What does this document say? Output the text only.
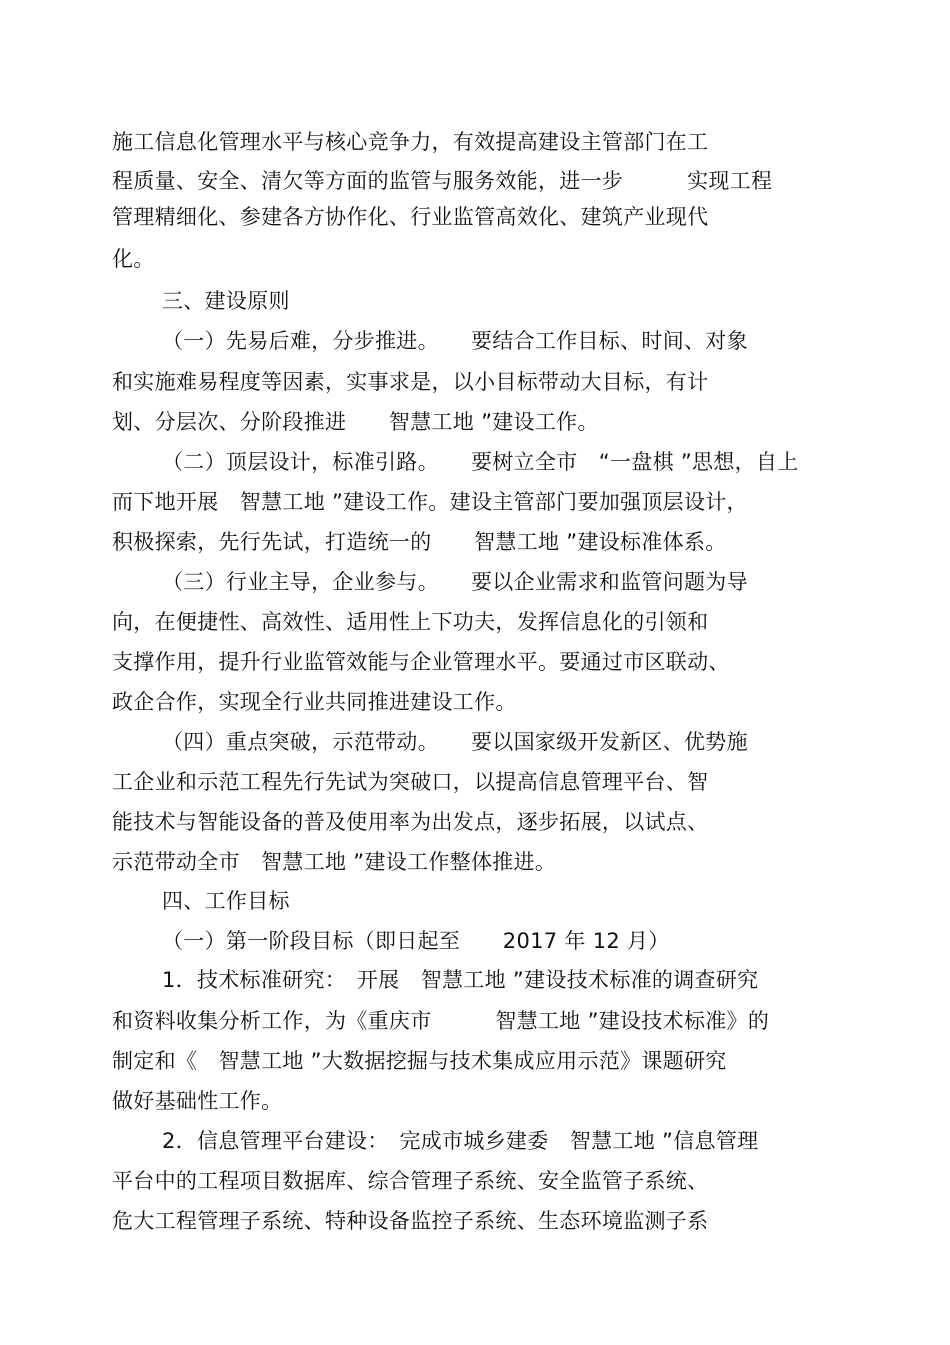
施工信息化管理水平与核心竞争力，有效提高建设主管部门在工
程质量、安全、清欠等方面的监管与服务效能，进一步　　　实现工程
管理精细化、参建各方协作化、行业监管高效化、建筑产业现代
化。
三、建设原则
（一）先易后难，分步推进。　　要结合工作目标、时间、对象
和实施难易程度等因素，实事求是，以小目标带动大目标，有计
划、分层次、分阶段推进　　智慧工地 ”建设工作。
（二）顶层设计，标准引路。　　要树立全市　“一盘棋 ”思想，自上
而下地开展　智慧工地 ”建设工作。建设主管部门要加强顶层设计，
积极探索，先行先试，打造统一的　　智慧工地 ”建设标准体系。
（三）行业主导，企业参与。　　要以企业需求和监管问题为导
向，在便捷性、高效性、适用性上下功夫，发挥信息化的引领和
支撑作用，提升行业监管效能与企业管理水平。要通过市区联动、
政企合作，实现全行业共同推进建设工作。
（四）重点突破，示范带动。　　要以国家级开发新区、优势施
工企业和示范工程先行先试为突破口，以提高信息管理平台、智
能技术与智能设备的普及使用率为出发点，逐步拓展，以试点、
示范带动全市　智慧工地 ”建设工作整体推进。
四、工作目标
（一）第一阶段目标（即日起至　　2017 年 12 月）
1．技术标准研究：　开展　智慧工地 ”建设技术标准的调查研究
和资料收集分析工作，为《重庆市　　　智慧工地 ”建设技术标准》的
制定和《　智慧工地 ”大数据挖掘与技术集成应用示范》课题研究
做好基础性工作。
2．信息管理平台建设：　完成市城乡建委　智慧工地 ”信息管理
平台中的工程项目数据库、综合管理子系统、安全监管子系统、
危大工程管理子系统、特种设备监控子系统、生态环境监测子系
